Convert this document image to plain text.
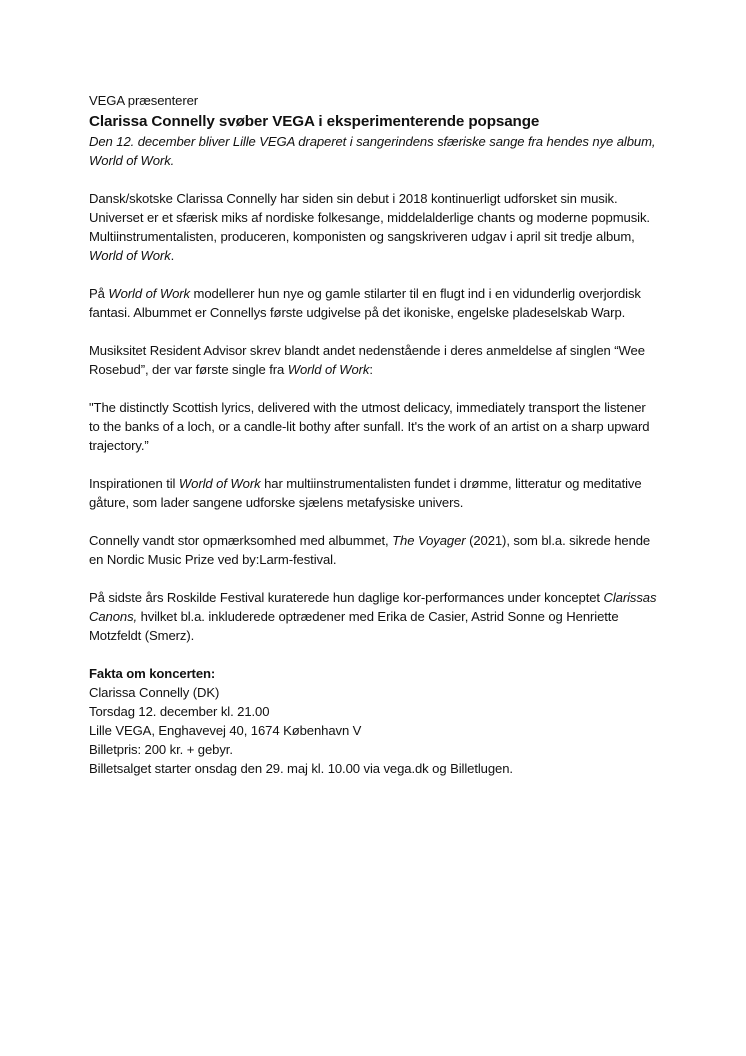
VEGA præsenterer
Clarissa Connelly svøber VEGA i eksperimenterende popsange
Den 12. december bliver Lille VEGA draperet i sangerindens sfæriske sange fra hendes nye album, World of Work.

Dansk/skotske Clarissa Connelly har siden sin debut i 2018 kontinuerligt udforsket sin musik. Universet er et sfærisk miks af nordiske folkesange, middelalderlige chants og moderne popmusik. Multiinstrumentalisten, produceren, komponisten og sangskriveren udgav i april sit tredje album, World of Work.

På World of Work modellerer hun nye og gamle stilarter til en flugt ind i en vidunderlig overjordisk fantasi. Albummet er Connellys første udgivelse på det ikoniske, engelske pladeselskab Warp.

Musiksitet Resident Advisor skrev blandt andet nedenstående i deres anmeldelse af singlen “Wee Rosebud”, der var første single fra World of Work:

"The distinctly Scottish lyrics, delivered with the utmost delicacy, immediately transport the listener to the banks of a loch, or a candle-lit bothy after sunfall. It's the work of an artist on a sharp upward trajectory.”

Inspirationen til World of Work har multiinstrumentalisten fundet i drømme, litteratur og meditative gåture, som lader sangene udforske sjælens metafysiske univers.

Connelly vandt stor opmærksomhed med albummet, The Voyager (2021), som bl.a. sikrede hende en Nordic Music Prize ved by:Larm-festival.

På sidste års Roskilde Festival kuraterede hun daglige kor-performances under konceptet Clarissas Canons, hvilket bl.a. inkluderede optrædener med Erika de Casier, Astrid Sonne og Henriette Motzfeldt (Smerz).

Fakta om koncerten:
Clarissa Connelly (DK)
Torsdag 12. december kl. 21.00
Lille VEGA, Enghavevej 40, 1674 København V
Billetpris: 200 kr. + gebyr.
Billetsalget starter onsdag den 29. maj kl. 10.00 via vega.dk og Billetlugen.
